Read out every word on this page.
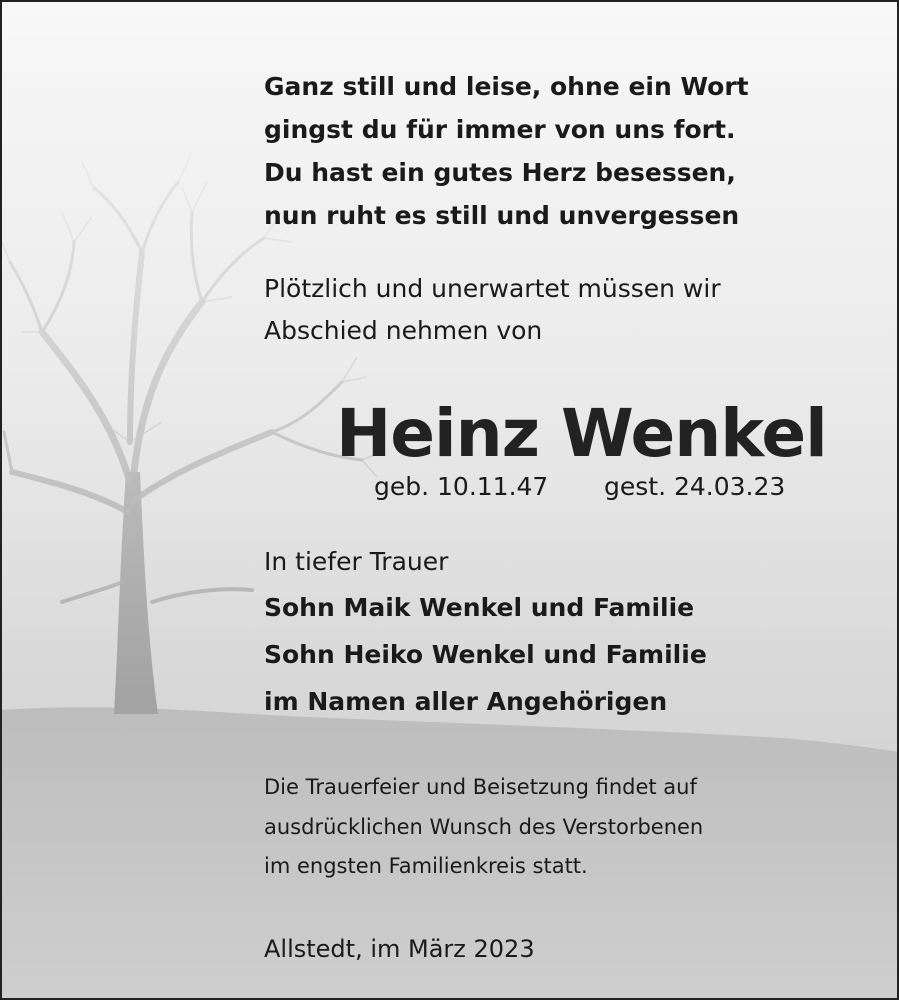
Ganz still und leise, ohne ein Wort

gingst du für immer von uns fort.

Du hast ein gutes Herz besessen,

nun ruht es still und unvergessen

Plötzlich und unerwartet müssen wir

Abschied nehmen von

Heinz Wenkel

geb. 10.11.47 gest. 24.03.23

In tiefer Trauer

Sohn Maik Wenkel und Familie

Sohn Heiko Wenkel und Familie

im Namen aller Angehörigen

Die Trauerfeier und Beisetzung findet auf

ausdrücklichen Wunsch des Verstorbenen

im engsten Familienkreis statt.

Allstedt, im März 2023
